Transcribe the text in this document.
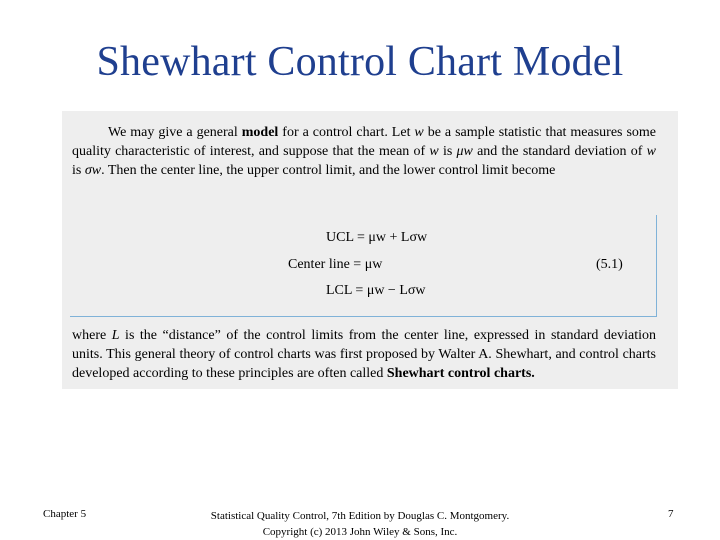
Shewhart Control Chart Model
We may give a general model for a control chart. Let w be a sample statistic that measures some quality characteristic of interest, and suppose that the mean of w is μw and the standard deviation of w is σw. Then the center line, the upper control limit, and the lower control limit become
UCL = μw + Lσw
Center line = μw
LCL = μw − Lσw
(5.1)
where L is the “distance” of the control limits from the center line, expressed in standard deviation units. This general theory of control charts was first proposed by Walter A. Shewhart, and control charts developed according to these principles are often called Shewhart control charts.
Chapter 5	Statistical Quality Control, 7th Edition by Douglas C. Montgomery.
Copyright (c) 2013 John Wiley & Sons, Inc.
7
